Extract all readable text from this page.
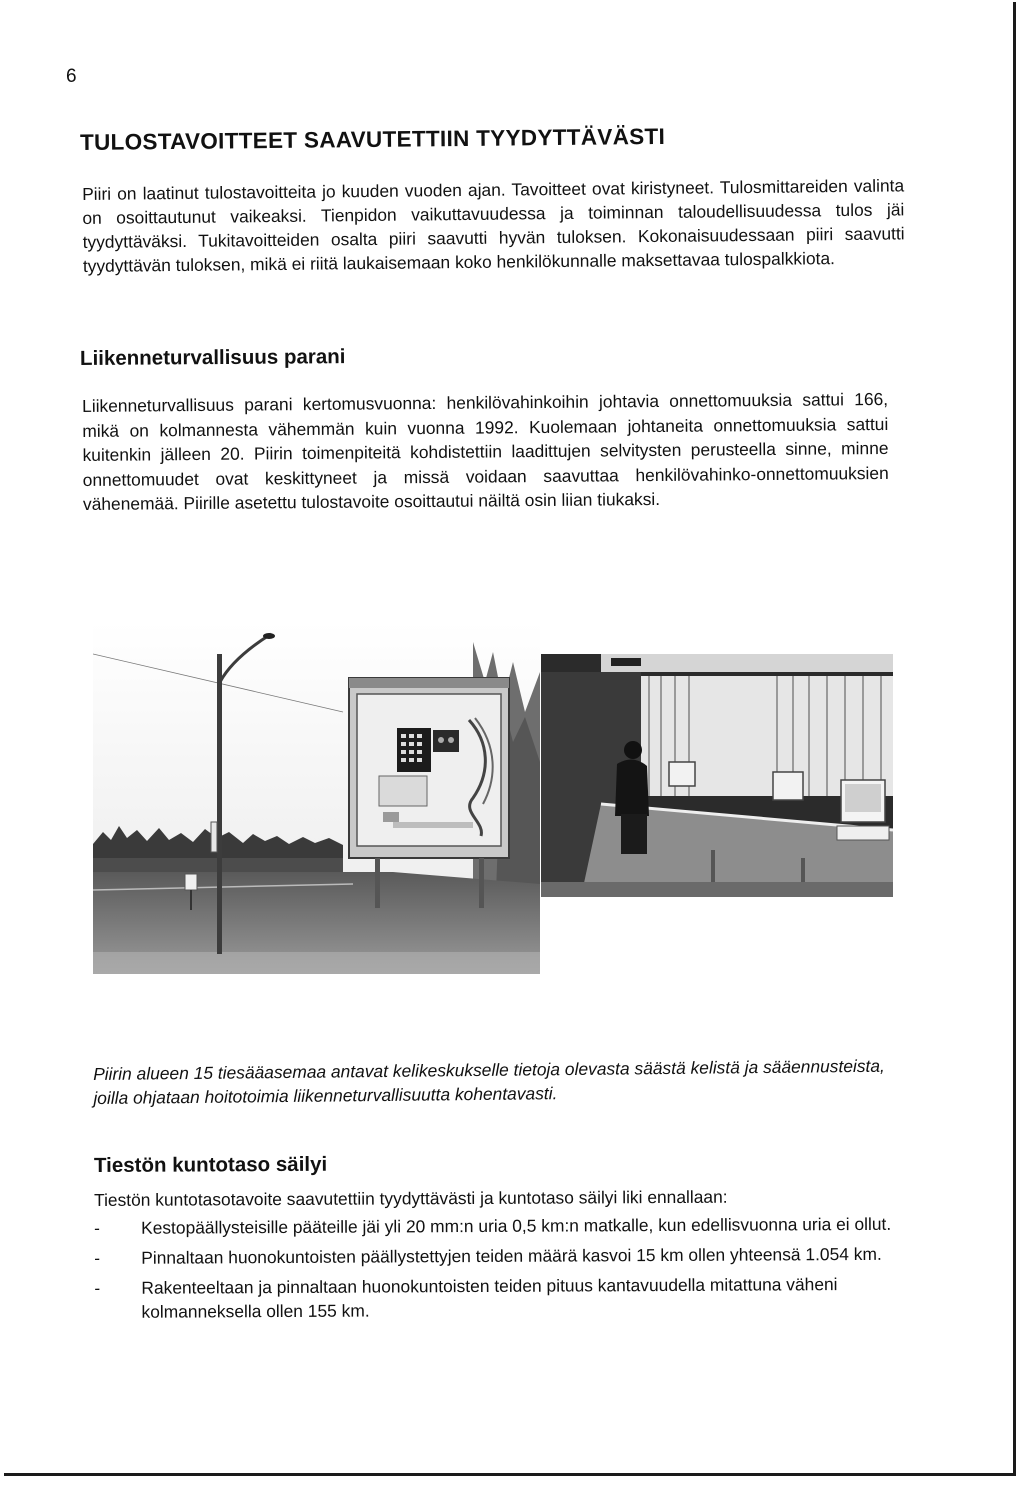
6
TULOSTAVOITTEET SAAVUTETTIIN TYYDYTTÄVÄSTI

Piiri on laatinut tulostavoitteita jo kuuden vuoden ajan. Tavoitteet ovat kiristyneet. Tulosmittareiden valinta on osoittautunut vaikeaksi. Tienpidon vaikuttavuudessa ja toiminnan taloudellisuudessa tulos jäi tyydyttäväksi. Tukitavoitteiden osalta piiri saavutti hyvän tuloksen. Kokonaisuudessaan piiri saavutti tyydyttävän tuloksen, mikä ei riitä laukaisemaan koko henkilökunnalle maksettavaa tulospalkkiota.

Liikenneturvallisuus parani

Liikenneturvallisuus parani kertomusvuonna: henkilövahinkoihin johtavia onnettomuuksia sattui 166, mikä on kolmannesta vähemmän kuin vuonna 1992. Kuolemaan johtaneita onnettomuuksia sattui kuitenkin jälleen 20. Piirin toimenpiteitä kohdistettiin laadittujen selvitysten perusteella sinne, minne onnettomuudet ovat keskittyneet ja missä voidaan saavuttaa henkilövahinko-onnettomuuksien vähenemää. Piirille asetettu tulostavoite osoittautui näiltä osin liian tiukaksi.

Piirin alueen 15 tiesääasemaa antavat kelikeskukselle tietoja olevasta säästä kelistä ja sääennusteista, joilla ohjataan hoitotoimia liikenneturvallisuutta kohentavasti.

Tiestön kuntotaso säilyi

Tiestön kuntotasotavoite saavutettiin tyydyttävästi ja kuntotaso säilyi liki ennallaan:

- Kestopäällysteisille pääteille jäi yli 20 mm:n uria 0,5 km:n matkalle, kun edellisvuonna uria ei ollut.
- Pinnaltaan huonokuntoisten päällystettyjen teiden määrä kasvoi 15 km ollen yhteensä 1.054 km.
- Rakenteeltaan ja pinnaltaan huonokuntoisten teiden pituus kantavuudella mitattuna väheni kolmanneksella ollen 155 km.
